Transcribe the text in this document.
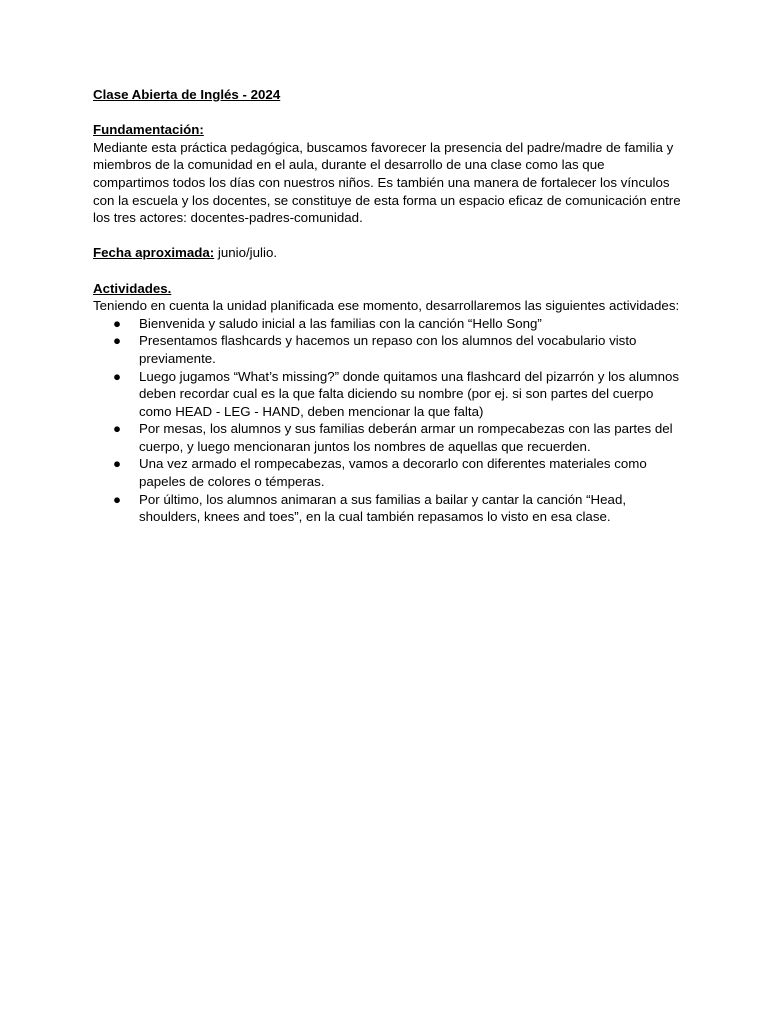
Clase Abierta de Inglés - 2024

Fundamentación:

Mediante esta práctica pedagógica, buscamos favorecer la presencia del padre/madre de familia y miembros de la comunidad en el aula, durante el desarrollo de una clase como las que compartimos todos los días con nuestros niños. Es también una manera de fortalecer los vínculos con la escuela y los docentes, se constituye de esta forma un espacio eficaz de comunicación entre los tres actores: docentes-padres-comunidad.

Fecha aproximada: junio/julio.

Actividades.

Teniendo en cuenta la unidad planificada ese momento, desarrollaremos las siguientes actividades:

● Bienvenida y saludo inicial a las familias con la canción “Hello Song”
● Presentamos flashcards y hacemos un repaso con los alumnos del vocabulario visto previamente.
● Luego jugamos “What’s missing?” donde quitamos una flashcard del pizarrón y los alumnos deben recordar cual es la que falta diciendo su nombre (por ej. si son partes del cuerpo como HEAD - LEG - HAND, deben mencionar la que falta)
● Por mesas, los alumnos y sus familias deberán armar un rompecabezas con las partes del cuerpo, y luego mencionaran juntos los nombres de aquellas que recuerden.
● Una vez armado el rompecabezas, vamos a decorarlo con diferentes materiales como papeles de colores o témperas.
● Por último, los alumnos animaran a sus familias a bailar y cantar la canción “Head, shoulders, knees and toes”, en la cual también repasamos lo visto en esa clase.
